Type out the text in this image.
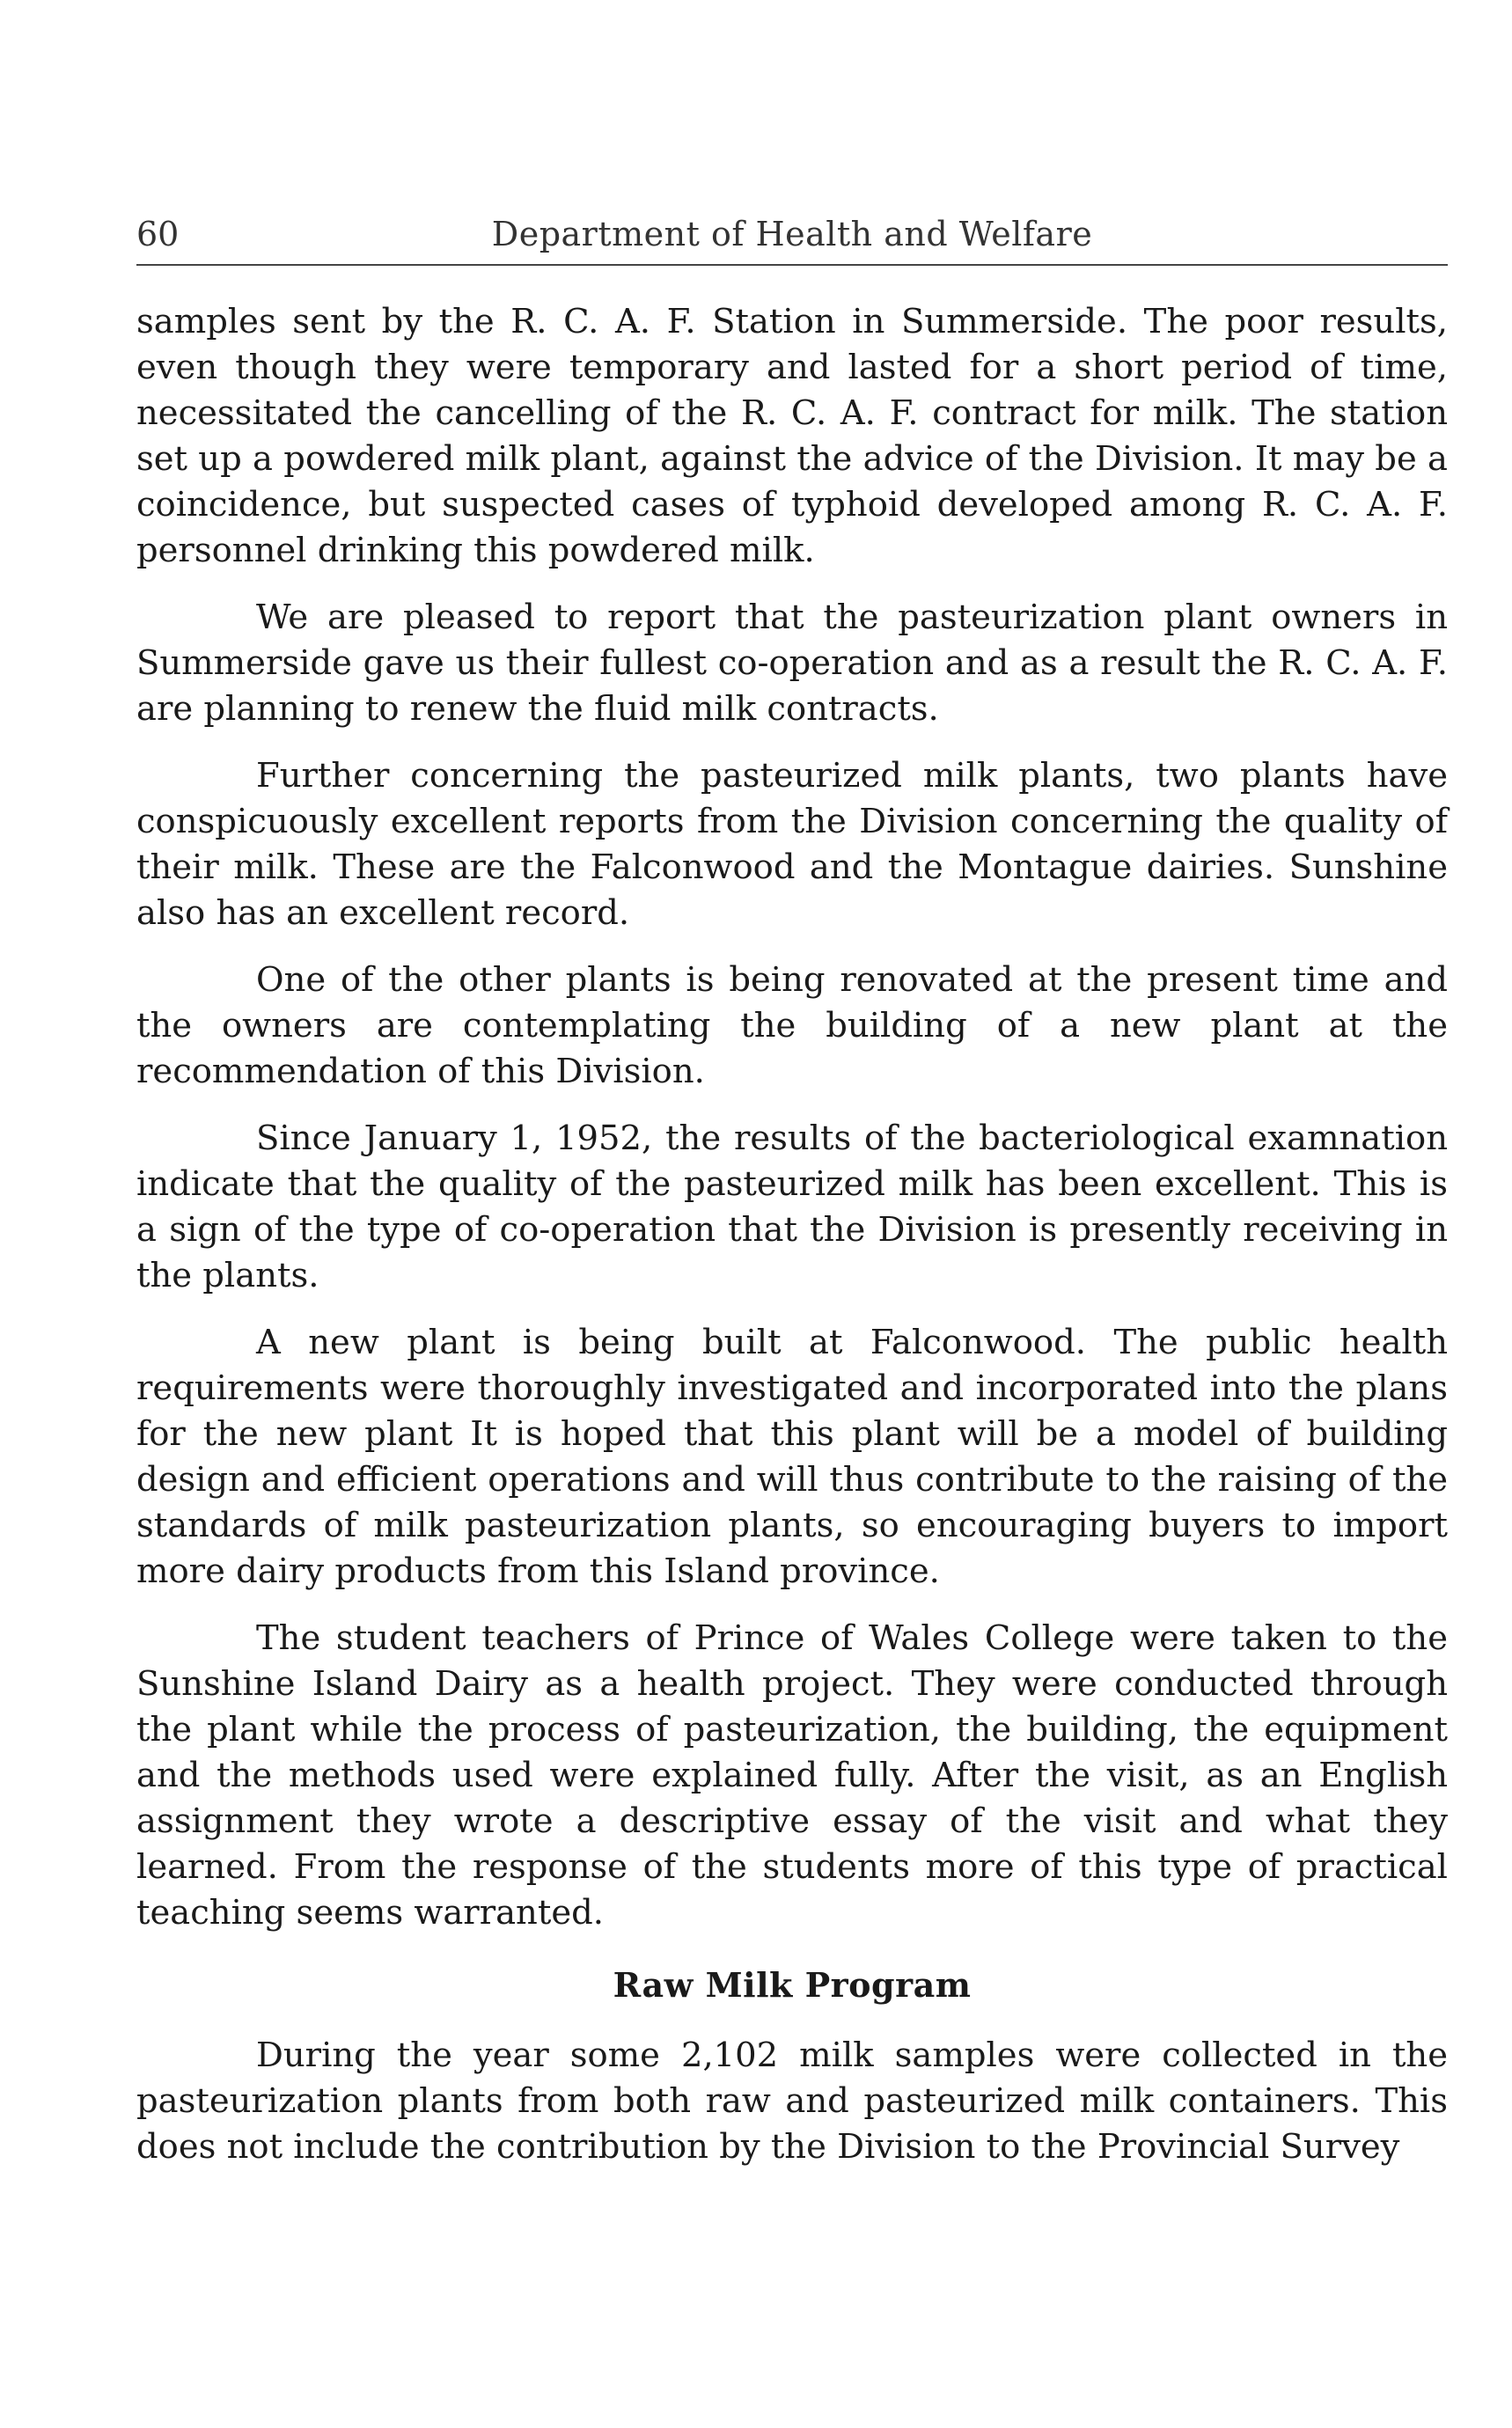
60	Department of Health and Welfare

samples sent by the R. C. A. F. Station in Summerside. The poor results, even though they were temporary and lasted for a short period of time, necessitated the cancelling of the R. C. A. F. contract for milk. The station set up a powdered milk plant, against the advice of the Division. It may be a coincidence, but suspected cases of typhoid developed among R. C. A. F. personnel drinking this powdered milk.

We are pleased to report that the pasteurization plant owners in Summerside gave us their fullest co-operation and as a result the R. C. A. F. are planning to renew the fluid milk contracts.

Further concerning the pasteurized milk plants, two plants have conspicuously excellent reports from the Division concerning the quality of their milk. These are the Falconwood and the Montague dairies. Sunshine also has an excellent record.

One of the other plants is being renovated at the present time and the owners are contemplating the building of a new plant at the recommendation of this Division.

Since January 1, 1952, the results of the bacteriological examnation indicate that the quality of the pasteurized milk has been excellent. This is a sign of the type of co-operation that the Division is presently receiving in the plants.

A new plant is being built at Falconwood. The public health requirements were thoroughly investigated and incorporated into the plans for the new plant It is hoped that this plant will be a model of building design and efficient operations and will thus contribute to the raising of the standards of milk pasteurization plants, so encouraging buyers to import more dairy products from this Island province.

The student teachers of Prince of Wales College were taken to the Sunshine Island Dairy as a health project. They were conducted through the plant while the process of pasteurization, the building, the equipment and the methods used were explained fully. After the visit, as an English assignment they wrote a descriptive essay of the visit and what they learned. From the response of the students more of this type of practical teaching seems warranted.

Raw Milk Program

During the year some 2,102 milk samples were collected in the pasteurization plants from both raw and pasteurized milk containers. This does not include the contribution by the Division to the Provincial Survey
